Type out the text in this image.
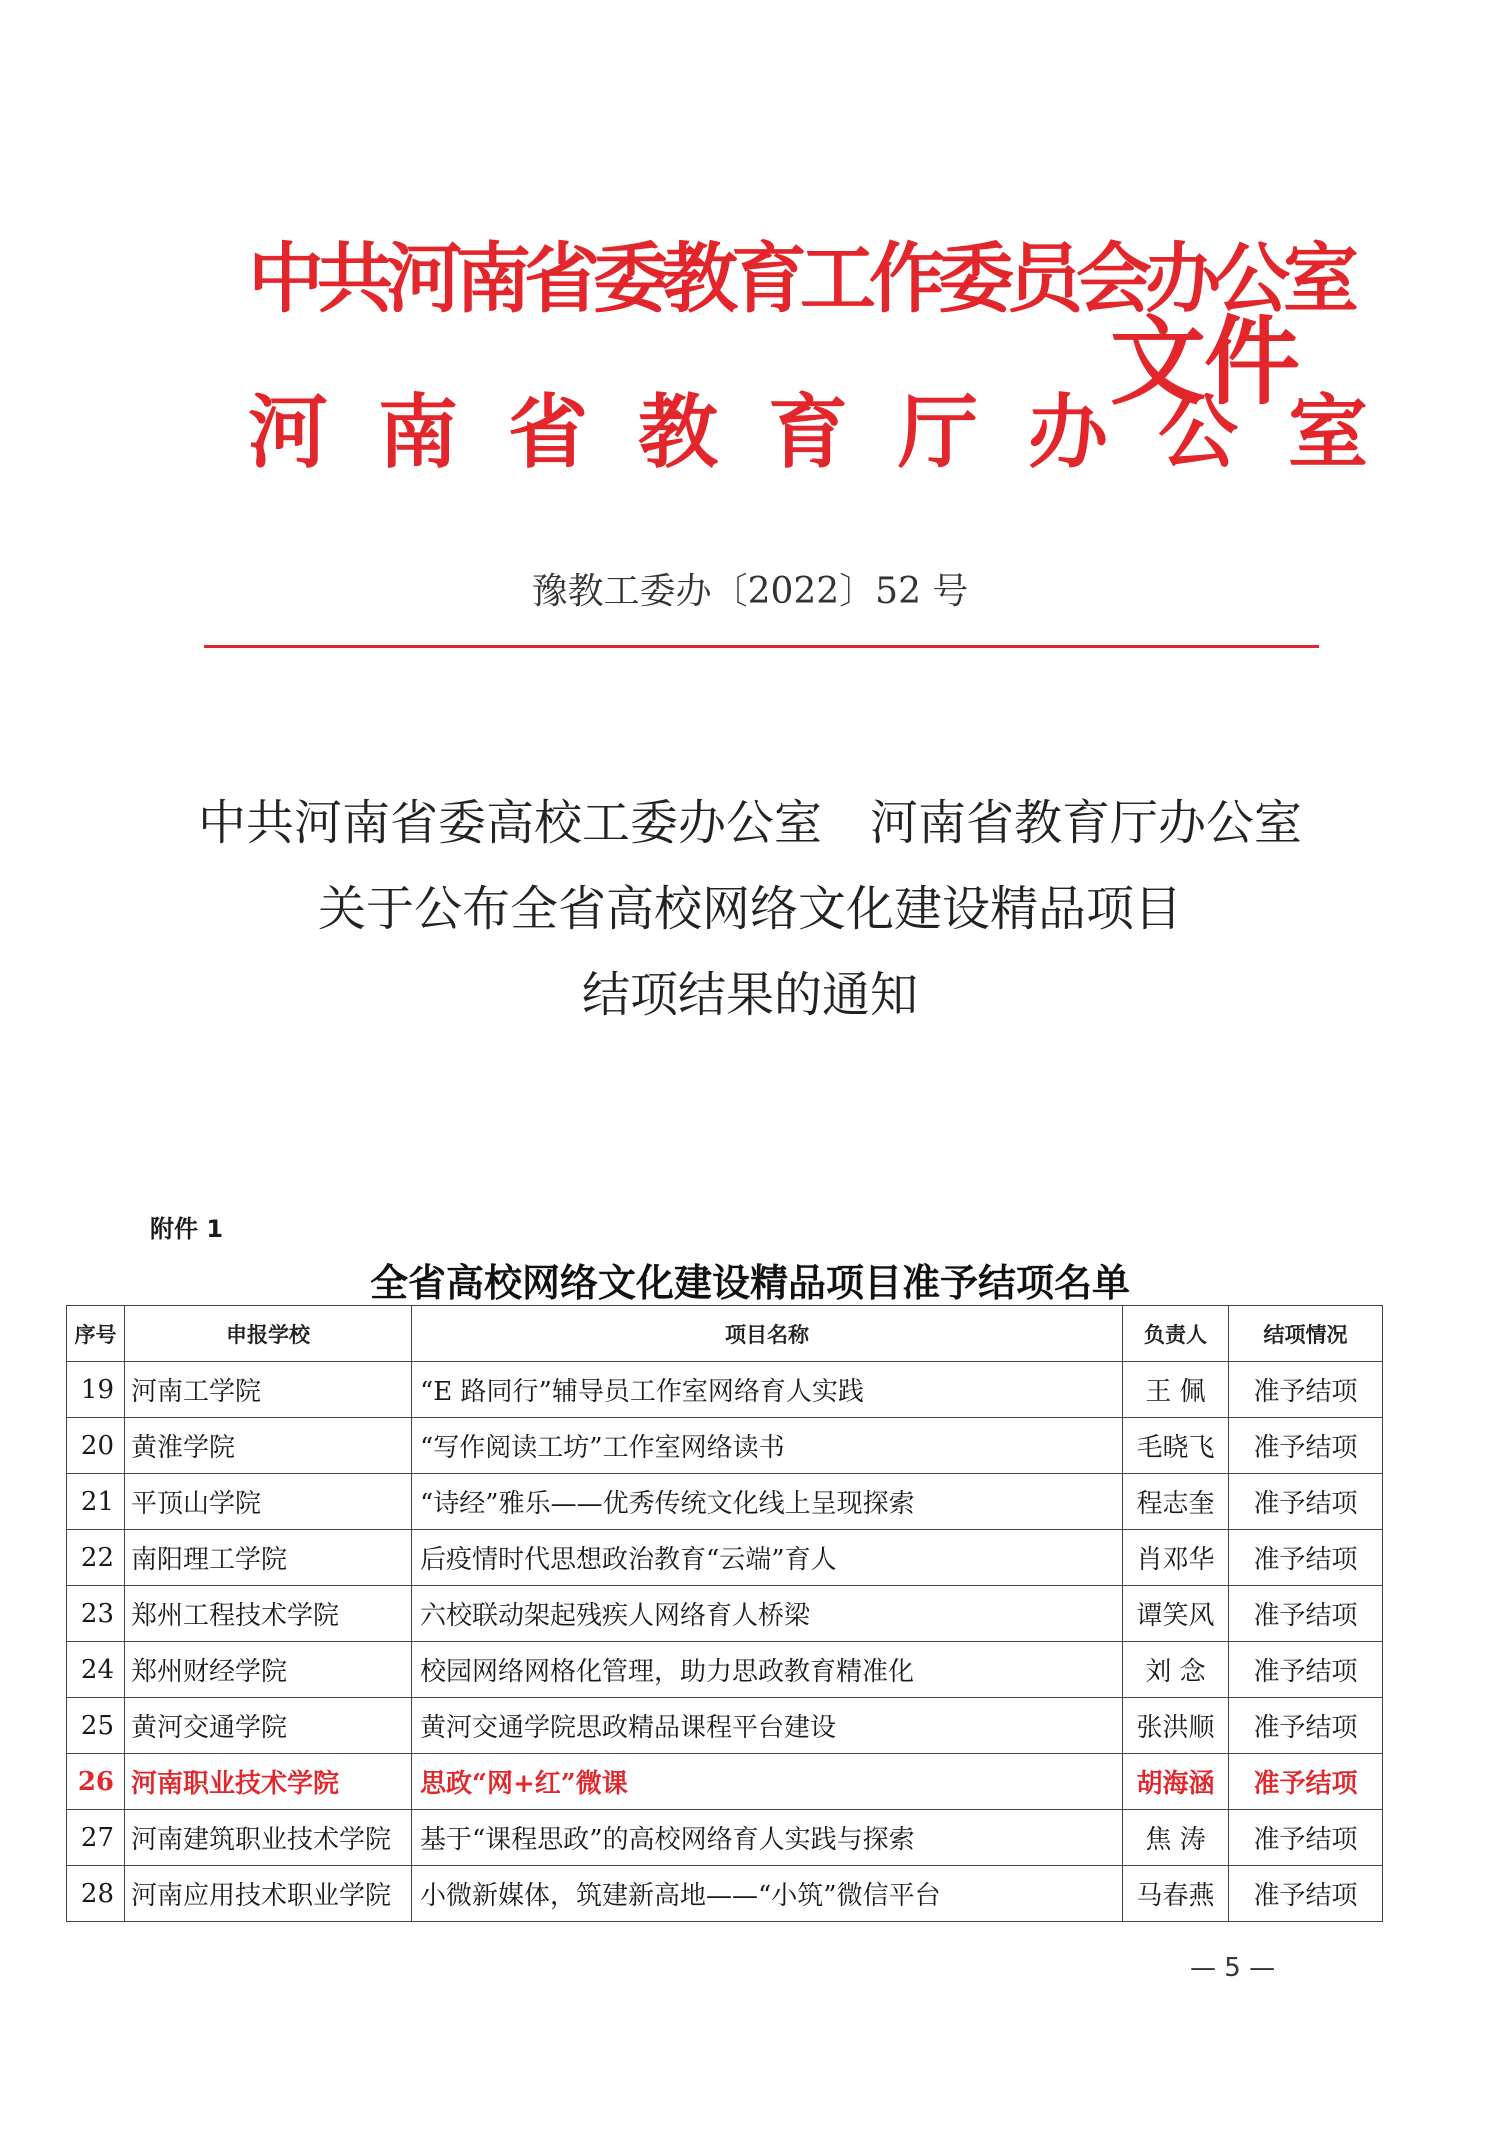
中共河南省委教育工作委员会办公室
河南省教育厅办公室
文件
豫教工委办〔2022〕52 号
中共河南省委高校工委办公室　河南省教育厅办公室
关于公布全省高校网络文化建设精品项目
结项结果的通知
附件 1
全省高校网络文化建设精品项目准予结项名单
序号	申报学校	项目名称	负责人	结项情况
19	河南工学院	“E 路同行”辅导员工作室网络育人实践	王 佩	准予结项
20	黄淮学院	“写作阅读工坊”工作室网络读书	毛晓飞	准予结项
21	平顶山学院	“诗经”雅乐——优秀传统文化线上呈现探索	程志奎	准予结项
22	南阳理工学院	后疫情时代思想政治教育“云端”育人	肖邓华	准予结项
23	郑州工程技术学院	六校联动架起残疾人网络育人桥梁	谭笑风	准予结项
24	郑州财经学院	校园网络网格化管理，助力思政教育精准化	刘 念	准予结项
25	黄河交通学院	黄河交通学院思政精品课程平台建设	张洪顺	准予结项
26	河南职业技术学院	思政“网+红”微课	胡海涵	准予结项
27	河南建筑职业技术学院	基于“课程思政”的高校网络育人实践与探索	焦 涛	准予结项
28	河南应用技术职业学院	小微新媒体，筑建新高地——“小筑”微信平台	马春燕	准予结项
— 5 —
